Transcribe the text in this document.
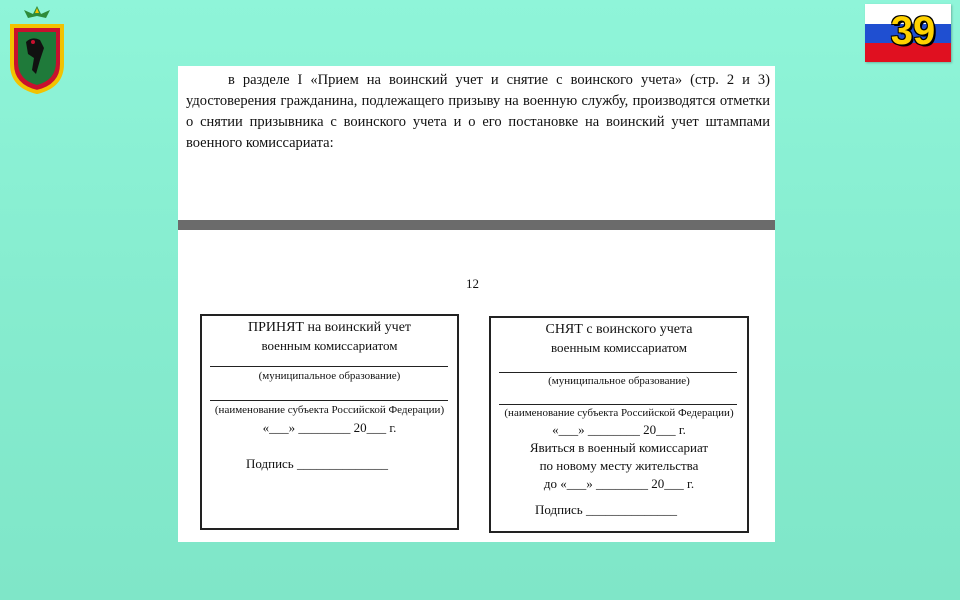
39
в разделе I «Прием на воинский учет и снятие с воинского учета» (стр. 2 и 3) удостоверения гражданина, подлежащего призыву на военную службу, производятся отметки о снятии призывника с воинского учета и о его постановке на воинский учет штампами военного комиссариата:
12
ПРИНЯТ на воинский учет
военным комиссариатом
(муниципальное образование)
(наименование субъекта Российской Федерации)
«___» ________ 20___ г.
Подпись ______________
СНЯТ с воинского учета
военным комиссариатом
(муниципальное образование)
(наименование субъекта Российской Федерации)
«___» ________ 20___ г.
Явиться в военный комиссариат
по новому месту жительства
до «___» ________ 20___ г.
Подпись ______________
